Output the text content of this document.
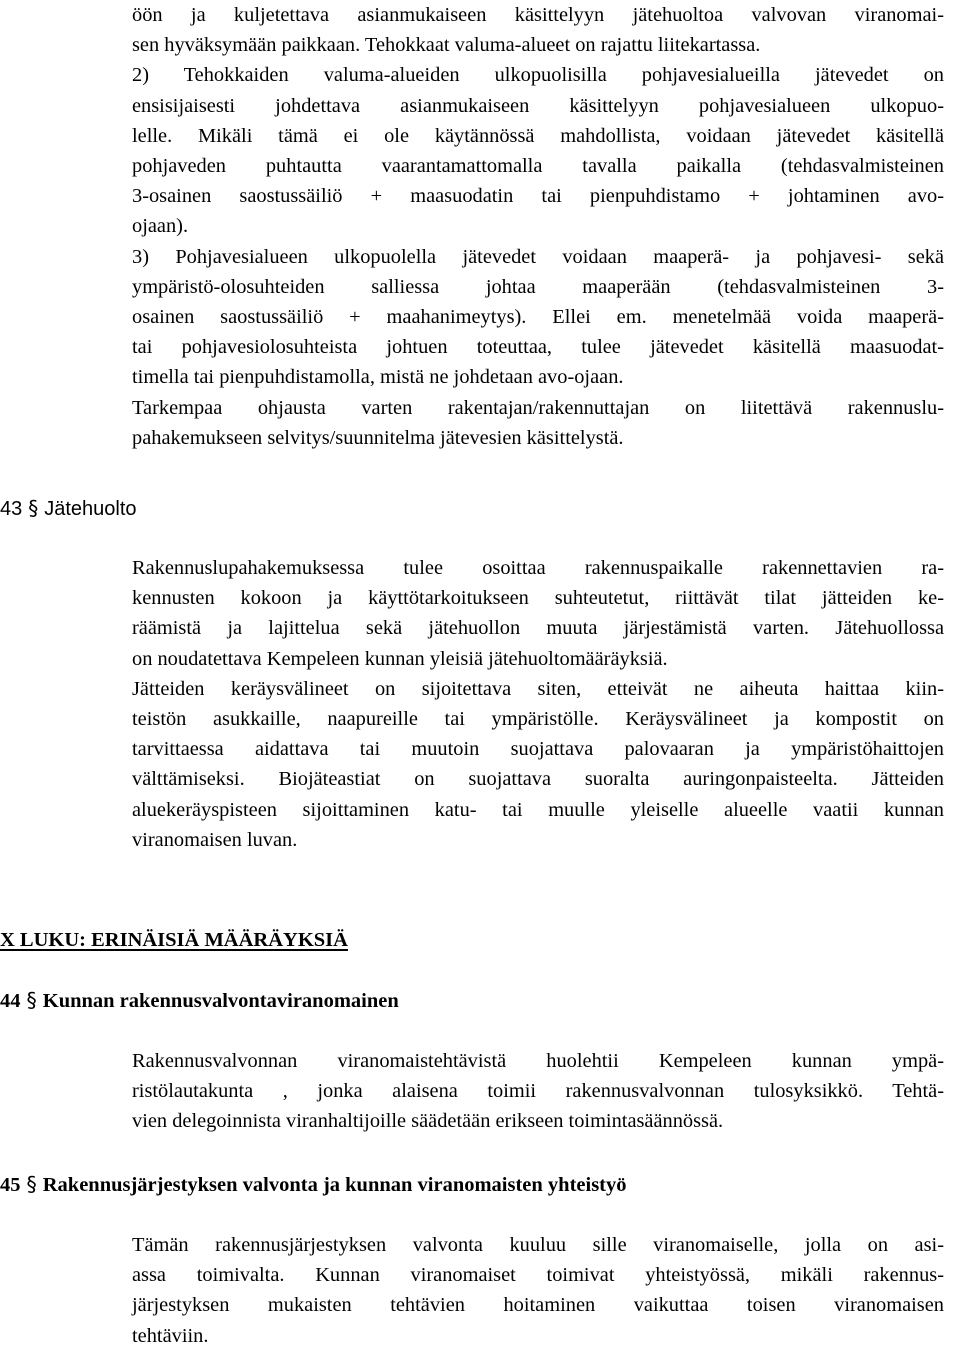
öön ja kuljetettava asianmukaiseen käsittelyyn jätehuoltoa valvovan viranomai-
sen hyväksymään paikkaan. Tehokkaat valuma-alueet on rajattu liitekartassa.
2) Tehokkaiden valuma-alueiden ulkopuolisilla pohjavesialueilla jätevedet on
ensisijaisesti johdettava asianmukaiseen käsittelyyn pohjavesialueen ulkopuo-
lelle. Mikäli tämä ei ole käytännössä mahdollista, voidaan jätevedet käsitellä
pohjaveden puhtautta vaarantamattomalla tavalla paikalla (tehdasvalmisteinen
3-osainen saostussäiliö + maasuodatin tai pienpuhdistamo + johtaminen avo-
ojaan).
3) Pohjavesialueen ulkopuolella jätevedet voidaan maaperä- ja pohjavesi- sekä
ympäristö-olosuhteiden salliessa johtaa maaperään (tehdasvalmisteinen 3-
osainen saostussäiliö + maahanimeytys). Ellei em. menetelmää voida maaperä-
tai pohjavesiolosuhteista johtuen toteuttaa, tulee jätevedet käsitellä maasuodat-
timella tai pienpuhdistamolla, mistä ne johdetaan avo-ojaan.
Tarkempaa ohjausta varten rakentajan/rakennuttajan on liitettävä rakennuslu-
pahakemukseen selvitys/suunnitelma jätevesien käsittelystä.
43 § Jätehuolto
Rakennuslupahakemuksessa tulee osoittaa rakennuspaikalle rakennettavien ra-
kennusten kokoon ja käyttötarkoitukseen suhteutetut, riittävät tilat jätteiden ke-
räämistä ja lajittelua sekä jätehuollon muuta järjestämistä varten. Jätehuollossa
on noudatettava Kempeleen kunnan yleisiä jätehuoltomääräyksiä.
Jätteiden keräysvälineet on sijoitettava siten, etteivät ne aiheuta haittaa kiin-
teistön asukkaille, naapureille tai ympäristölle. Keräysvälineet ja kompostit on
tarvittaessa aidattava tai muutoin suojattava palovaaran ja ympäristöhaittojen
välttämiseksi. Biojäteastiat on suojattava suoralta auringonpaisteelta. Jätteiden
aluekeräyspisteen sijoittaminen katu- tai muulle yleiselle alueelle vaatii kunnan
viranomaisen luvan.
X LUKU: ERINÄISIÄ MÄÄRÄYKSIÄ
44 § Kunnan rakennusvalvontaviranomainen
Rakennusvalvonnan viranomaistehtävistä huolehtii Kempeleen kunnan ympä-
ristölautakunta , jonka alaisena toimii rakennusvalvonnan tulosyksikkö. Tehtä-
vien delegoinnista viranhaltijoille säädetään erikseen toimintasäännössä.
45 § Rakennusjärjestyksen valvonta ja kunnan viranomaisten yhteistyö
Tämän rakennusjärjestyksen valvonta kuuluu sille viranomaiselle, jolla on asi-
assa toimivalta. Kunnan viranomaiset toimivat yhteistyössä, mikäli rakennus-
järjestyksen mukaisten tehtävien hoitaminen vaikuttaa toisen viranomaisen
tehtäviin.
